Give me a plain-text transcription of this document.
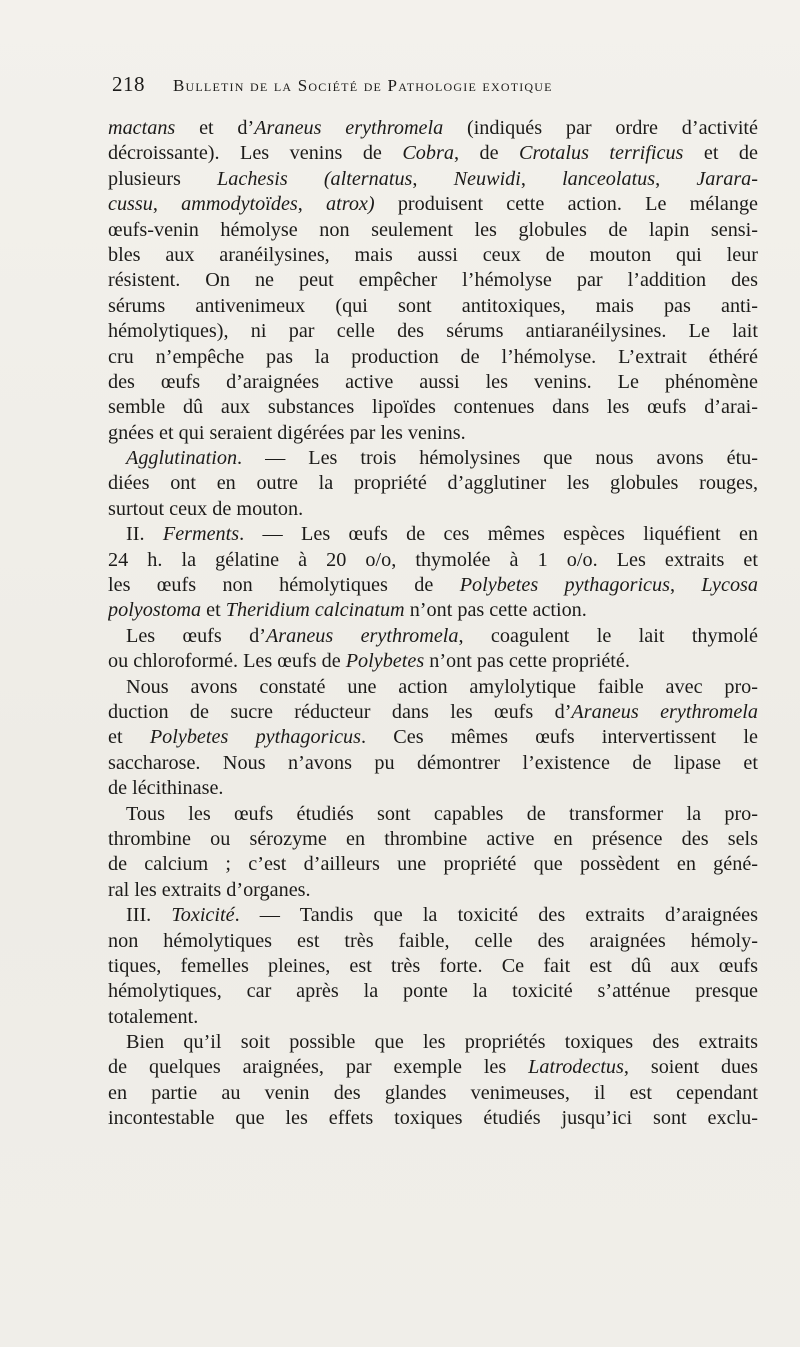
218 Bulletin de la Société de Pathologie exotique
mactans et d’Araneus erythromela (indiqués par ordre d’activité
décroissante). Les venins de Cobra, de Crotalus terrificus et de
plusieurs Lachesis (alternatus, Neuwidi, lanceolatus, Jarara-
cussu, ammodytoïdes, atrox) produisent cette action. Le mélange
œufs-venin hémolyse non seulement les globules de lapin sensi-
bles aux aranéilysines, mais aussi ceux de mouton qui leur
résistent. On ne peut empêcher l’hémolyse par l’addition des
sérums antivenimeux (qui sont antitoxiques, mais pas anti-
hémolytiques), ni par celle des sérums antiaranéilysines. Le lait
cru n’empêche pas la production de l’hémolyse. L’extrait éthéré
des œufs d’araignées active aussi les venins. Le phénomène
semble dû aux substances lipoïdes contenues dans les œufs d’arai-
gnées et qui seraient digérées par les venins.
Agglutination. — Les trois hémolysines que nous avons étu-
diées ont en outre la propriété d’agglutiner les globules rouges,
surtout ceux de mouton.
II. Ferments. — Les œufs de ces mêmes espèces liquéfient en
24 h. la gélatine à 20 o/o, thymolée à 1 o/o. Les extraits et
les œufs non hémolytiques de Polybetes pythagoricus, Lycosa
polyostoma et Theridium calcinatum n’ont pas cette action.
Les œufs d’Araneus erythromela, coagulent le lait thymolé
ou chloroformé. Les œufs de Polybetes n’ont pas cette propriété.
Nous avons constaté une action amylolytique faible avec pro-
duction de sucre réducteur dans les œufs d’Araneus erythromela
et Polybetes pythagoricus. Ces mêmes œufs intervertissent le
saccharose. Nous n’avons pu démontrer l’existence de lipase et
de lécithinase.
Tous les œufs étudiés sont capables de transformer la pro-
thrombine ou sérozyme en thrombine active en présence des sels
de calcium ; c’est d’ailleurs une propriété que possèdent en géné-
ral les extraits d’organes.
III. Toxicité. — Tandis que la toxicité des extraits d’araignées
non hémolytiques est très faible, celle des araignées hémoly-
tiques, femelles pleines, est très forte. Ce fait est dû aux œufs
hémolytiques, car après la ponte la toxicité s’atténue presque
totalement.
Bien qu’il soit possible que les propriétés toxiques des extraits
de quelques araignées, par exemple les Latrodectus, soient dues
en partie au venin des glandes venimeuses, il est cependant
incontestable que les effets toxiques étudiés jusqu’ici sont exclu-
